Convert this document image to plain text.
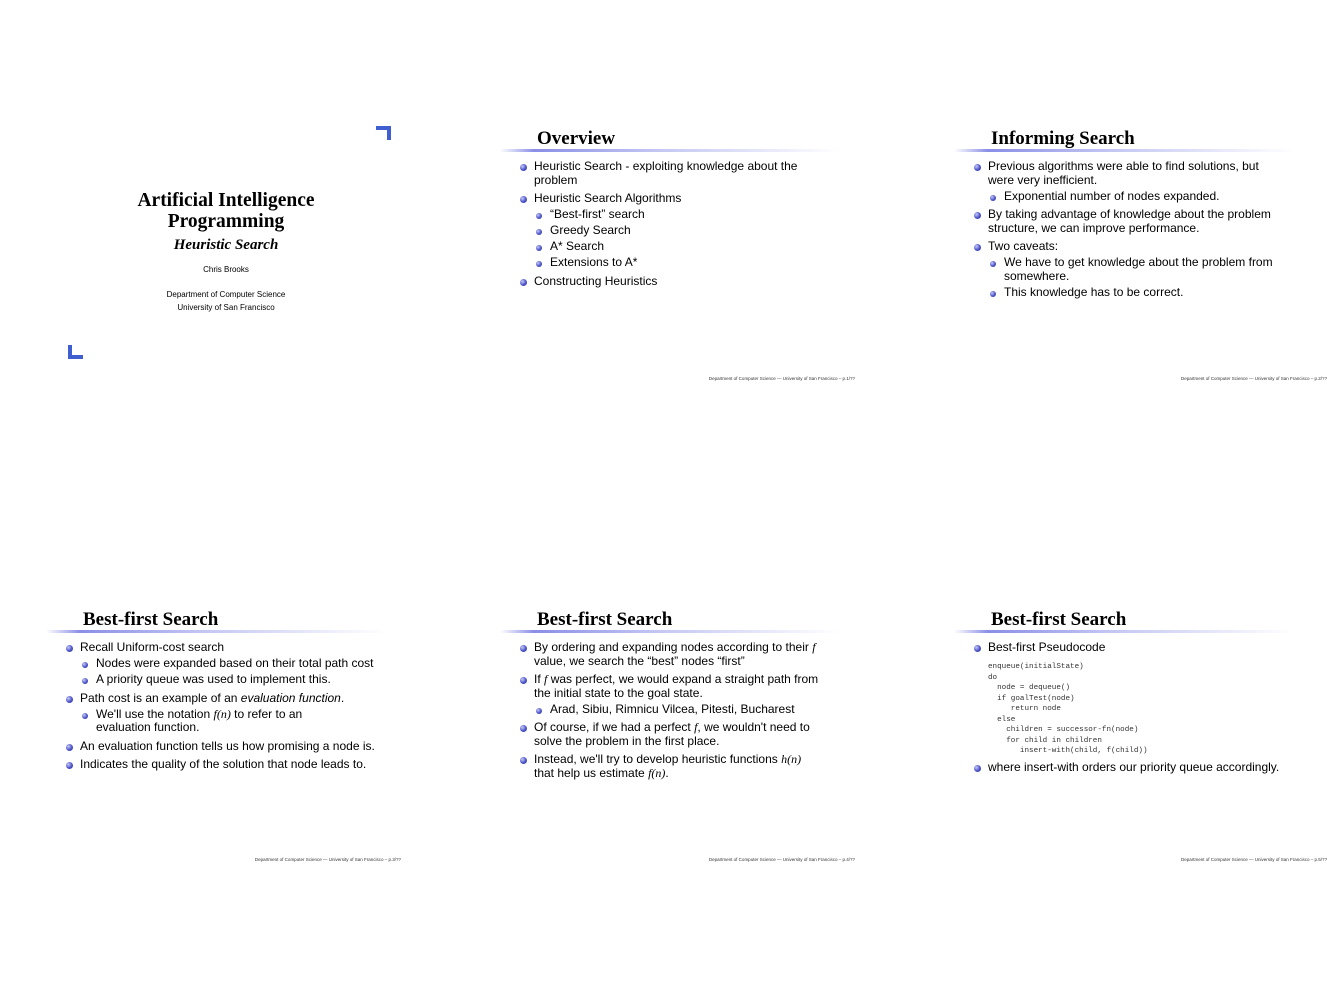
Artificial Intelligence
Programming
Heuristic Search
Chris Brooks
Department of Computer Science
University of San Francisco
Overview
Heuristic Search - exploiting knowledge about the problem
Heuristic Search Algorithms
“Best-first” search
Greedy Search
A* Search
Extensions to A*
Constructing Heuristics
Department of Computer Science — University of San Francisco – p.1/??
Informing Search
Previous algorithms were able to find solutions, but were very inefficient.
Exponential number of nodes expanded.
By taking advantage of knowledge about the problem structure, we can improve performance.
Two caveats:
We have to get knowledge about the problem from somewhere.
This knowledge has to be correct.
Department of Computer Science — University of San Francisco – p.2/??
Best-first Search
Recall Uniform-cost search
Nodes were expanded based on their total path cost
A priority queue was used to implement this.
Path cost is an example of an evaluation function.
We'll use the notation f(n) to refer to an evaluation function.
An evaluation function tells us how promising a node is.
Indicates the quality of the solution that node leads to.
Department of Computer Science — University of San Francisco – p.3/??
Best-first Search
By ordering and expanding nodes according to their f value, we search the “best” nodes “first”
If f was perfect, we would expand a straight path from the initial state to the goal state.
Arad, Sibiu, Rimnicu Vilcea, Pitesti, Bucharest
Of course, if we had a perfect f, we wouldn't need to solve the problem in the first place.
Instead, we'll try to develop heuristic functions h(n) that help us estimate f(n).
Department of Computer Science — University of San Francisco – p.4/??
Best-first Search
Best-first Pseudocode
enqueue(initialState)
do
node = dequeue()
if goalTest(node)
return node
else
children = successor-fn(node)
for child in children
insert-with(child, f(child))
where insert-with orders our priority queue accordingly.
Department of Computer Science — University of San Francisco – p.5/??
